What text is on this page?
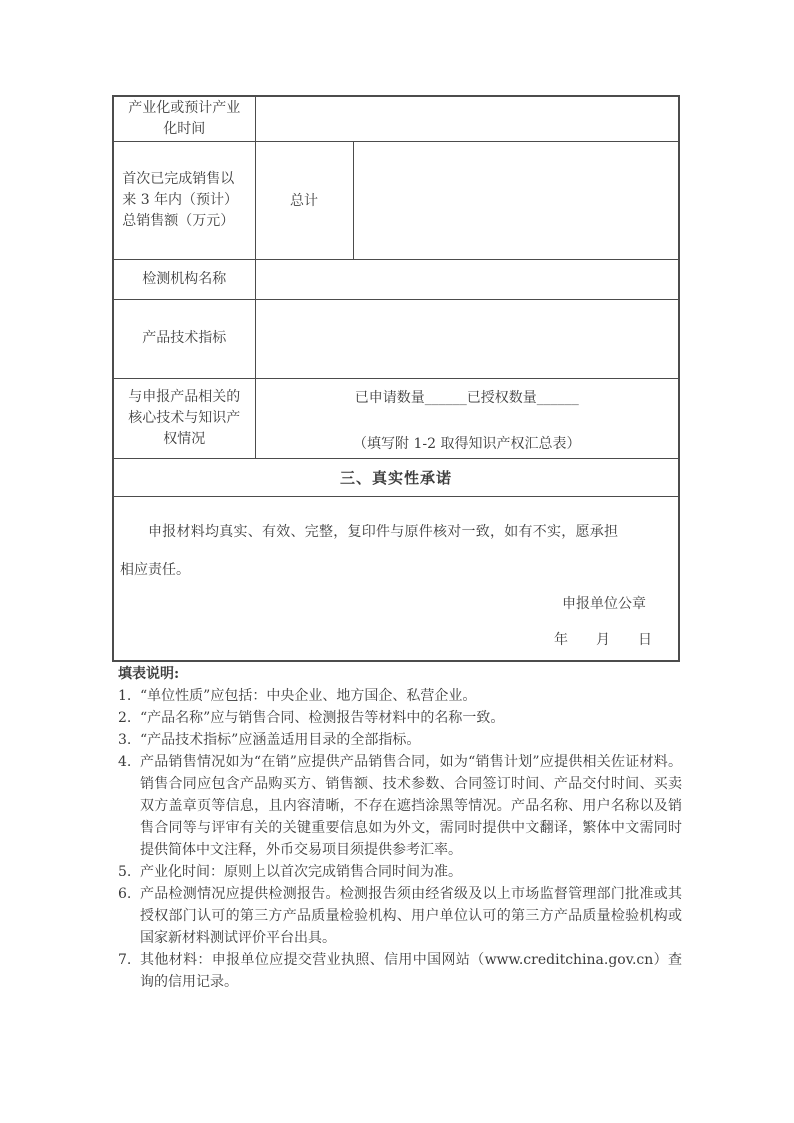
产业化或预计产业化时间		

首次已完成销售以来 3 年内（预计）总销售额（万元）	总计	

检测机构名称		

产品技术指标		

与申报产品相关的核心技术与知识产权情况	已申请数量______已授权数量______
（填写附 1-2 取得知识产权汇总表）	

三、真实性承诺		

申报材料均真实、有效、完整，复印件与原件核对一致，如有不实，愿承担相应责任。
申报单位公章
年　　月　　日		
填表说明:
1. “单位性质”应包括：中央企业、地方国企、私营企业。
2. “产品名称”应与销售合同、检测报告等材料中的名称一致。
3. “产品技术指标”应涵盖适用目录的全部指标。
4. 产品销售情况如为“在销”应提供产品销售合同，如为“销售计划”应提供相关佐证材料。销售合同应包含产品购买方、销售额、技术参数、合同签订时间、产品交付时间、买卖双方盖章页等信息，且内容清晰，不存在遮挡涂黑等情况。产品名称、用户名称以及销售合同等与评审有关的关键重要信息如为外文，需同时提供中文翻译，繁体中文需同时提供简体中文注释，外币交易项目须提供参考汇率。
5. 产业化时间：原则上以首次完成销售合同时间为准。
6. 产品检测情况应提供检测报告。检测报告须由经省级及以上市场监督管理部门批准或其授权部门认可的第三方产品质量检验机构、用户单位认可的第三方产品质量检验机构或国家新材料测试评价平台出具。
7. 其他材料：申报单位应提交营业执照、信用中国网站（www.creditchina.gov.cn）查询的信用记录。
